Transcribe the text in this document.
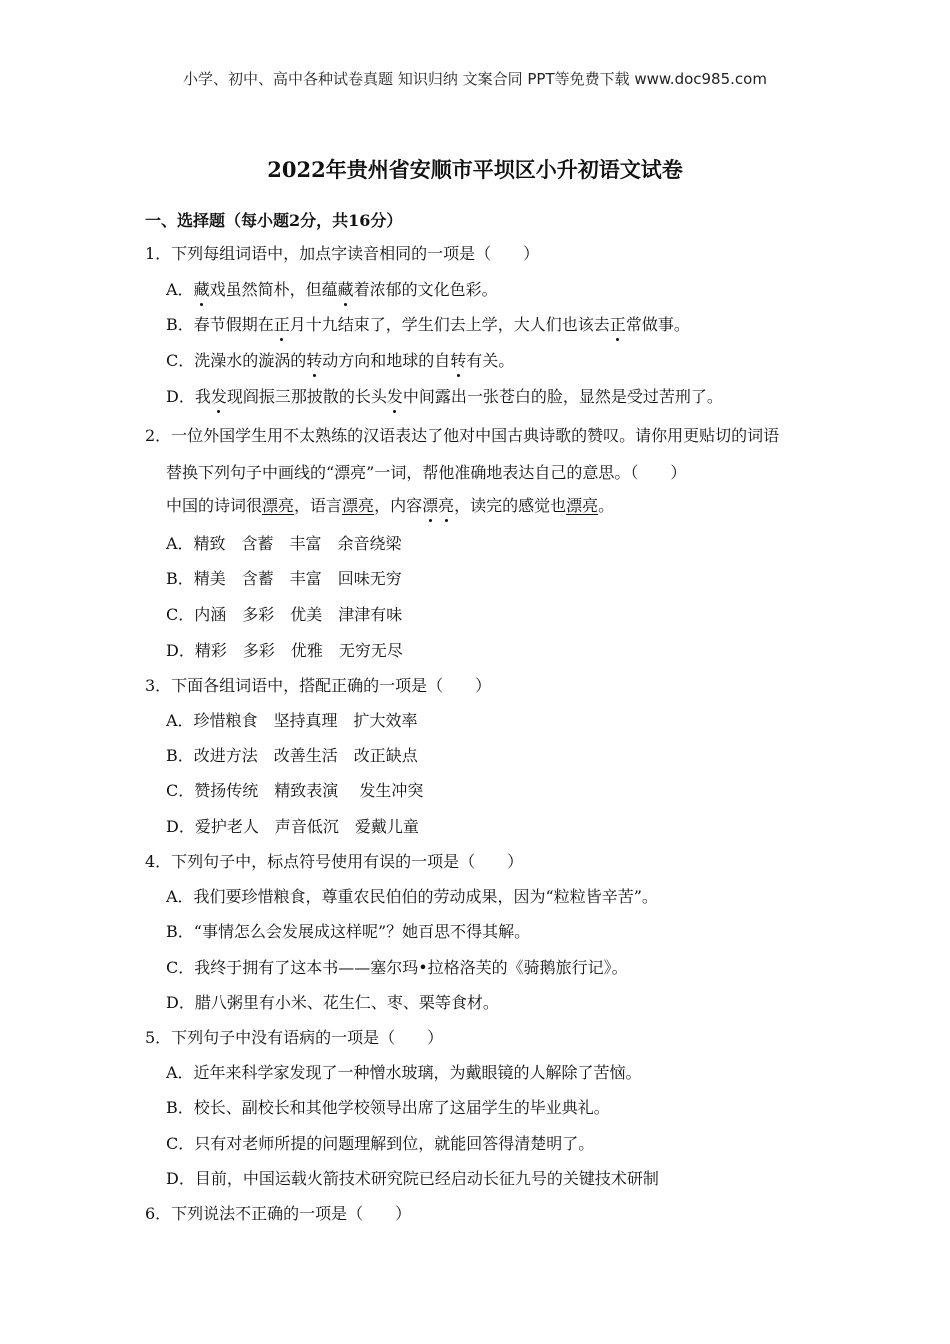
小学、初中、高中各种试卷真题 知识归纳 文案合同 PPT等免费下载 www.doc985.com
2022年贵州省安顺市平坝区小升初语文试卷
一、选择题（每小题2分，共16分）
1．下列每组词语中，加点字读音相同的一项是（　　）
A．藏戏虽然简朴，但蕴藏着浓郁的文化色彩。
B．春节假期在正月十九结束了，学生们去上学，大人们也该去正常做事。
C．洗澡水的漩涡的转动方向和地球的自转有关。
D．我发现阎振三那披散的长头发中间露出一张苍白的脸，显然是受过苦刑了。
2．一位外国学生用不太熟练的汉语表达了他对中国古典诗歌的赞叹。请你用更贴切的词语
替换下列句子中画线的“漂亮”一词，帮他准确地表达自己的意思。（　　）
中国的诗词很漂亮，语言漂亮，内容漂亮，读完的感觉也漂亮。
A．精致　含蓄　丰富　余音绕梁
B．精美　含蓄　丰富　回味无穷
C．内涵　多彩　优美　津津有味
D．精彩　多彩　优雅　无穷无尽
3．下面各组词语中，搭配正确的一项是（　　）
A．珍惜粮食　坚持真理　扩大效率
B．改进方法　改善生活　改正缺点
C．赞扬传统　精致表演　 发生冲突
D．爱护老人　声音低沉　爱戴儿童
4．下列句子中，标点符号使用有误的一项是（　　）
A．我们要珍惜粮食，尊重农民伯伯的劳动成果，因为“粒粒皆辛苦”。
B．“事情怎么会发展成这样呢”？她百思不得其解。
C．我终于拥有了这本书——塞尔玛•拉格洛芙的《骑鹅旅行记》。
D．腊八粥里有小米、花生仁、枣、栗等食材。
5．下列句子中没有语病的一项是（　　）
A．近年来科学家发现了一种憎水玻璃，为戴眼镜的人解除了苦恼。
B．校长、副校长和其他学校领导出席了这届学生的毕业典礼。
C．只有对老师所提的问题理解到位，就能回答得清楚明了。
D．目前，中国运载火箭技术研究院已经启动长征九号的关键技术研制
6．下列说法不正确的一项是（　　）
